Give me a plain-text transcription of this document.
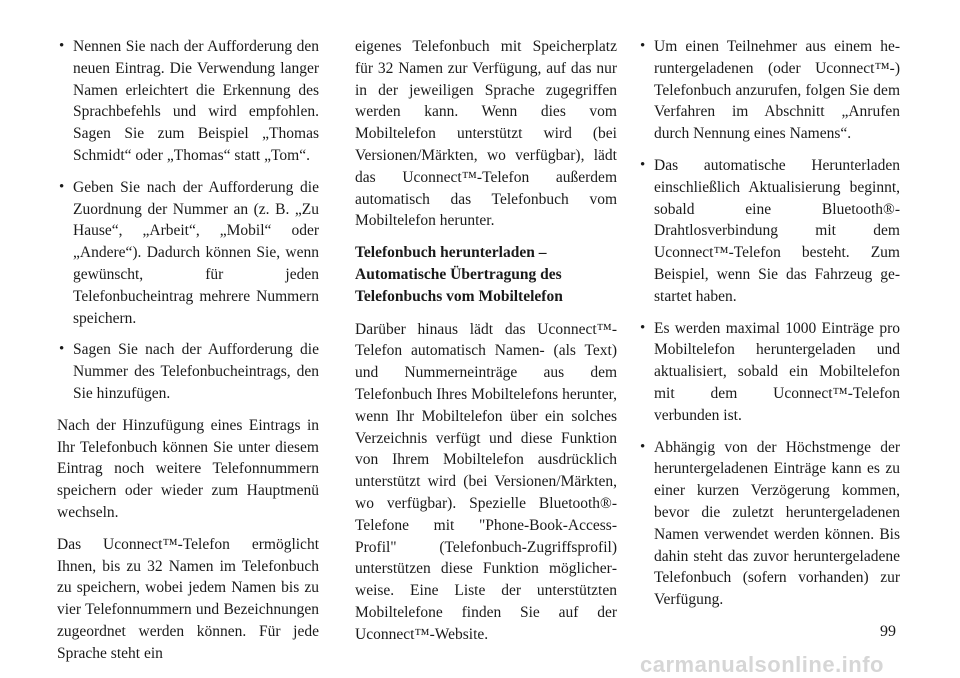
• Nennen Sie nach der Aufforderung den neuen Eintrag. Die Verwendung langer Namen erleichtert die Erkennung des Sprachbefehls und wird empfohlen. Sagen Sie zum Beispiel „Thomas Schmidt“ oder „Thomas“ statt „Tom“.
• Geben Sie nach der Aufforderung die Zuordnung der Nummer an (z. B. „Zu Hause“, „Arbeit“, „Mobil“ oder „Andere“). Dadurch können Sie, wenn gewünscht, für jeden Telefonbucheintrag mehrere Nummern speichern.
• Sagen Sie nach der Aufforderung die Nummer des Telefonbucheintrags, den Sie hinzufügen.

Nach der Hinzufügung eines Eintrags in Ihr Telefonbuch können Sie unter diesem Eintrag noch weitere Telefonnummern speichern oder wieder zum Hauptmenü wechseln.

Das Uconnect™-Telefon ermöglicht Ihnen, bis zu 32 Namen im Telefonbuch zu speichern, wobei jedem Namen bis zu vier Telefonnummern und Bezeichnungen zugeordnet werden können. Für jede Sprache steht ein

eigenes Telefonbuch mit Speicherplatz für 32 Namen zur Verfügung, auf das nur in der jeweiligen Sprache zugegriffen werden kann. Wenn dies vom Mobiltelefon unterstützt wird (bei Versionen/Märkten, wo verfügbar), lädt das Uconnect™-Telefon außerdem automatisch das Telefonbuch vom Mobiltelefon herunter.

Telefonbuch herunterladen – Automatische Übertragung des Telefonbuchs vom Mobiltelefon

Darüber hinaus lädt das Uconnect™-Telefon automatisch Namen- (als Text) und Nummerneinträge aus dem Telefonbuch Ihres Mobiltelefons herunter, wenn Ihr Mobiltelefon über ein solches Verzeichnis verfügt und diese Funktion von Ihrem Mobiltelefon ausdrücklich unterstützt wird (bei Versionen/Märkten, wo verfügbar). Spezielle Bluetooth®-Telefone mit "Phone-Book-Access-Profil" (Telefonbuch-Zugriffsprofil) unterstützen diese Funktion möglicherweise. Eine Liste der unterstützten Mobiltelefone finden Sie auf der Uconnect™-Website.

• Um einen Teilnehmer aus einem heruntergeladenen (oder Uconnect™-) Telefonbuch anzurufen, folgen Sie dem Verfahren im Abschnitt „Anrufen durch Nennung eines Namens“.
• Das automatische Herunterladen einschließlich Aktualisierung beginnt, sobald eine Bluetooth®-Drahtlosverbindung mit dem Uconnect™-Telefon besteht. Zum Beispiel, wenn Sie das Fahrzeug gestartet haben.
• Es werden maximal 1000 Einträge pro Mobiltelefon heruntergeladen und aktualisiert, sobald ein Mobiltelefon mit dem Uconnect™-Telefon verbunden ist.
• Abhängig von der Höchstmenge der heruntergeladenen Einträge kann es zu einer kurzen Verzögerung kommen, bevor die zuletzt heruntergeladenen Namen verwendet werden können. Bis dahin steht das zuvor heruntergeladene Telefonbuch (sofern vorhanden) zur Verfügung.
99
carmanualsonline.info
